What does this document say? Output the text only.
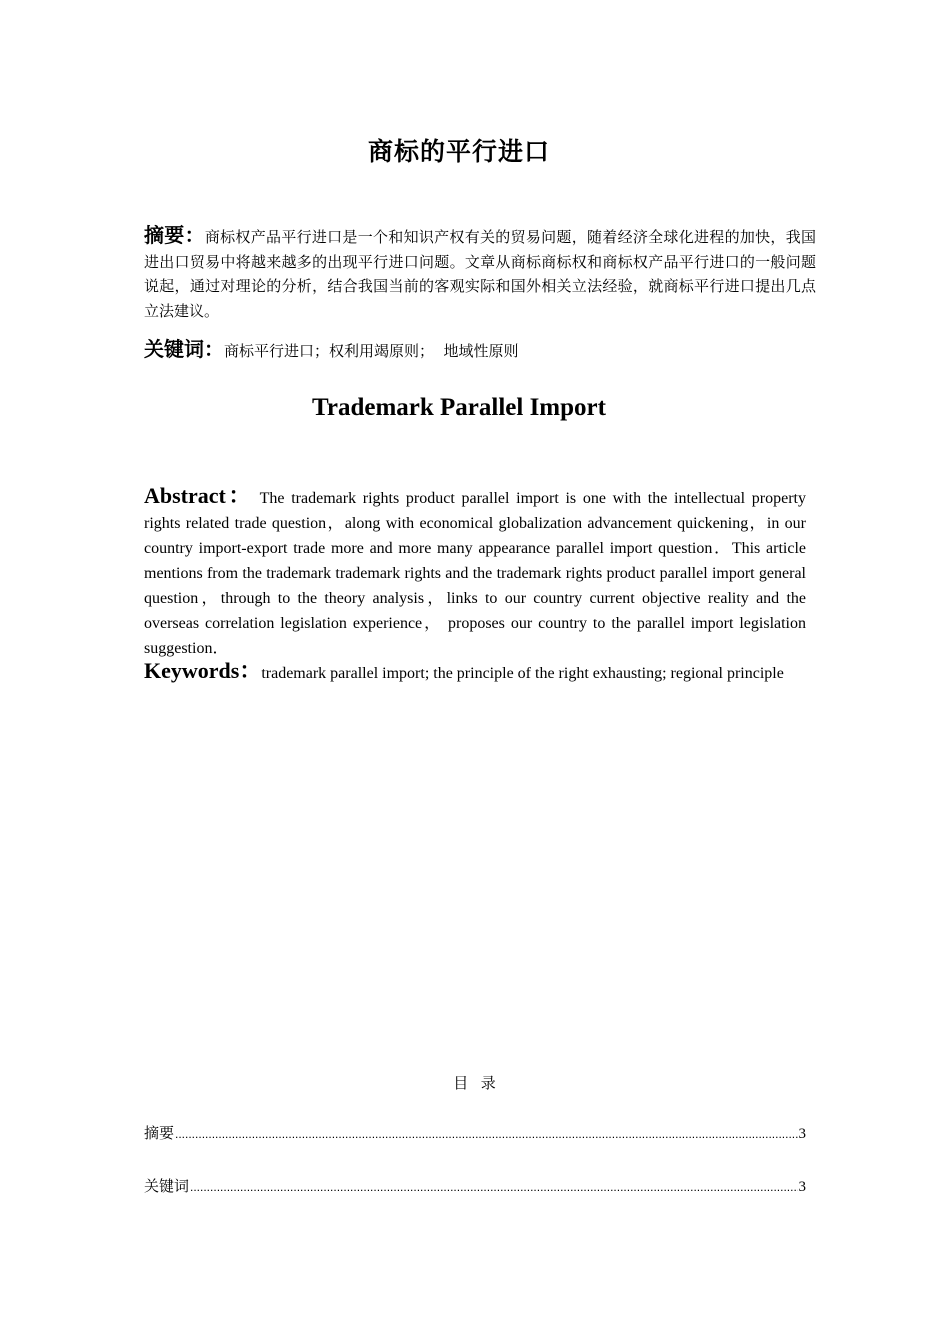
商标的平行进口
摘要：商标权产品平行进口是一个和知识产权有关的贸易问题，随着经济全球化进程的加快，我国进出口贸易中将越来越多的出现平行进口问题。文章从商标商标权和商标权产品平行进口的一般问题说起，通过对理论的分析，结合我国当前的客观实际和国外相关立法经验，就商标平行进口提出几点立法建议。
关键词：商标平行进口；权利用竭原则；  地域性原则
Trademark Parallel Import
Abstract： The trademark rights product parallel import is one with the intellectual property rights related trade question，along with economical globalization advancement quickening，in our country import-export trade more and more many appearance parallel import question．This article mentions from the trademark trademark rights and the trademark rights product parallel import general question，through to the theory analysis，links to our country current objective reality and the overseas correlation legislation experience， proposes our country to the parallel import legislation suggestion．
Keywords：trademark parallel import; the principle of the right exhausting; regional principle
目  录
摘要 .....	3
关键词 .....	3
